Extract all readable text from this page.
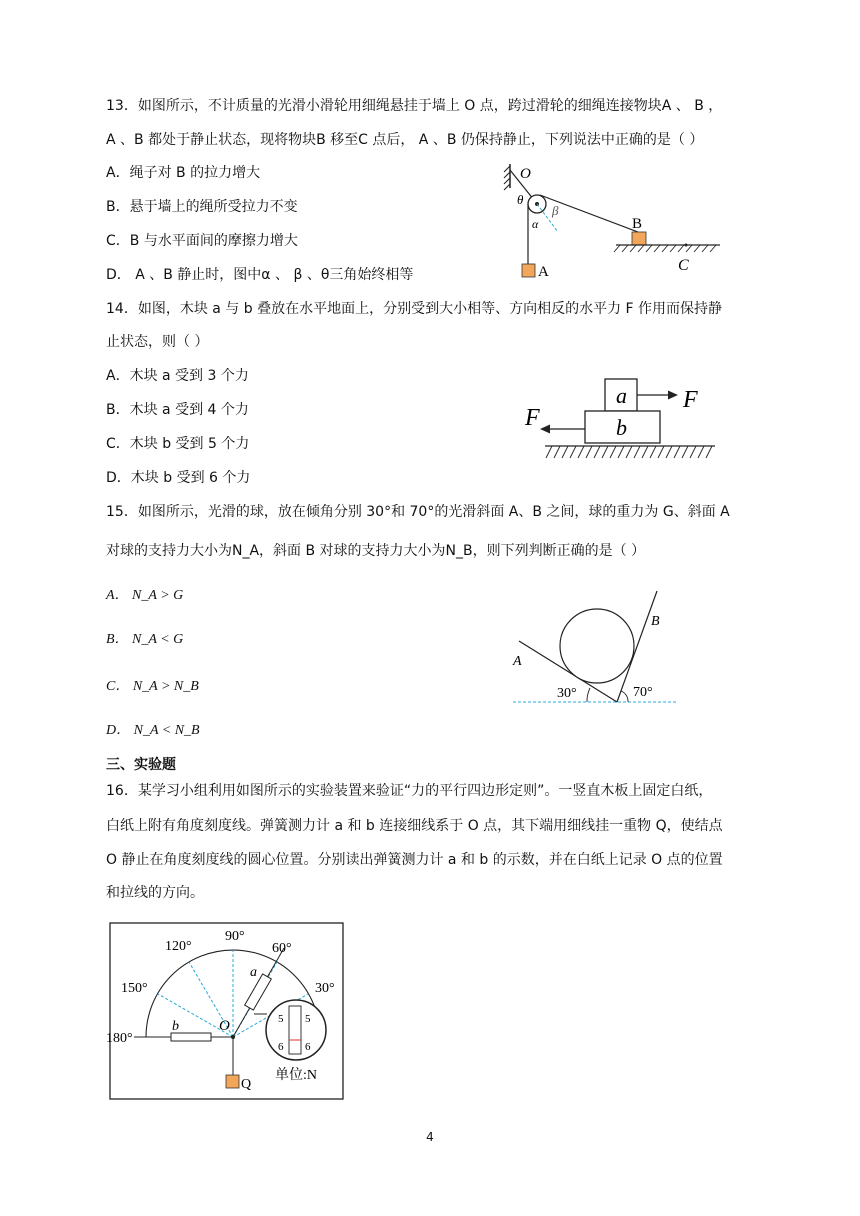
13．如图所示，不计质量的光滑小滑轮用细绳悬挂于墙上 O 点，跨过滑轮的细绳连接物块A 、 B ，
A 、B 都处于静止状态，现将物块B 移至C 点后， A 、B 仍保持静止，下列说法中正确的是（ ）
A．绳子对 B 的拉力增大
B．悬于墙上的绳所受拉力不变
C．B 与水平面间的摩擦力增大
D． A 、B 静止时，图中α 、 β 、θ三角始终相等
O
θ
β
α	B
A	C
14．如图，木块 a 与 b 叠放在水平地面上，分别受到大小相等、方向相反的水平力 F 作用而保持静
止状态，则（ ）
A．木块 a 受到 3 个力
B．木块 a 受到 4 个力
C．木块 b 受到 5 个力
D．木块 b 受到 6 个力
a
b
F
F
15．如图所示，光滑的球，放在倾角分别 30°和 70°的光滑斜面 A、B 之间，球的重力为 G、斜面 A
对球的支持力大小为N_A，斜面 B 对球的支持力大小为N_B，则下列判断正确的是（ ）
A． N_A > G
B． N_A < G
C． N_A > N_B
D． N_A < N_B
A
B
30°	70°
三、实验题
16．某学习小组利用如图所示的实验装置来验证“力的平行四边形定则”。一竖直木板上固定白纸，
白纸上附有角度刻度线。弹簧测力计 a 和 b 连接细线系于 O 点，其下端用细线挂一重物 Q，使结点
O 静止在角度刻度线的圆心位置。分别读出弹簧测力计 a 和 b 的示数，并在白纸上记录 O 点的位置
和拉线的方向。
90°
120°	60°
150°	30°
180°
a
b	O
Q
单位:N
5 5
6 6
4
